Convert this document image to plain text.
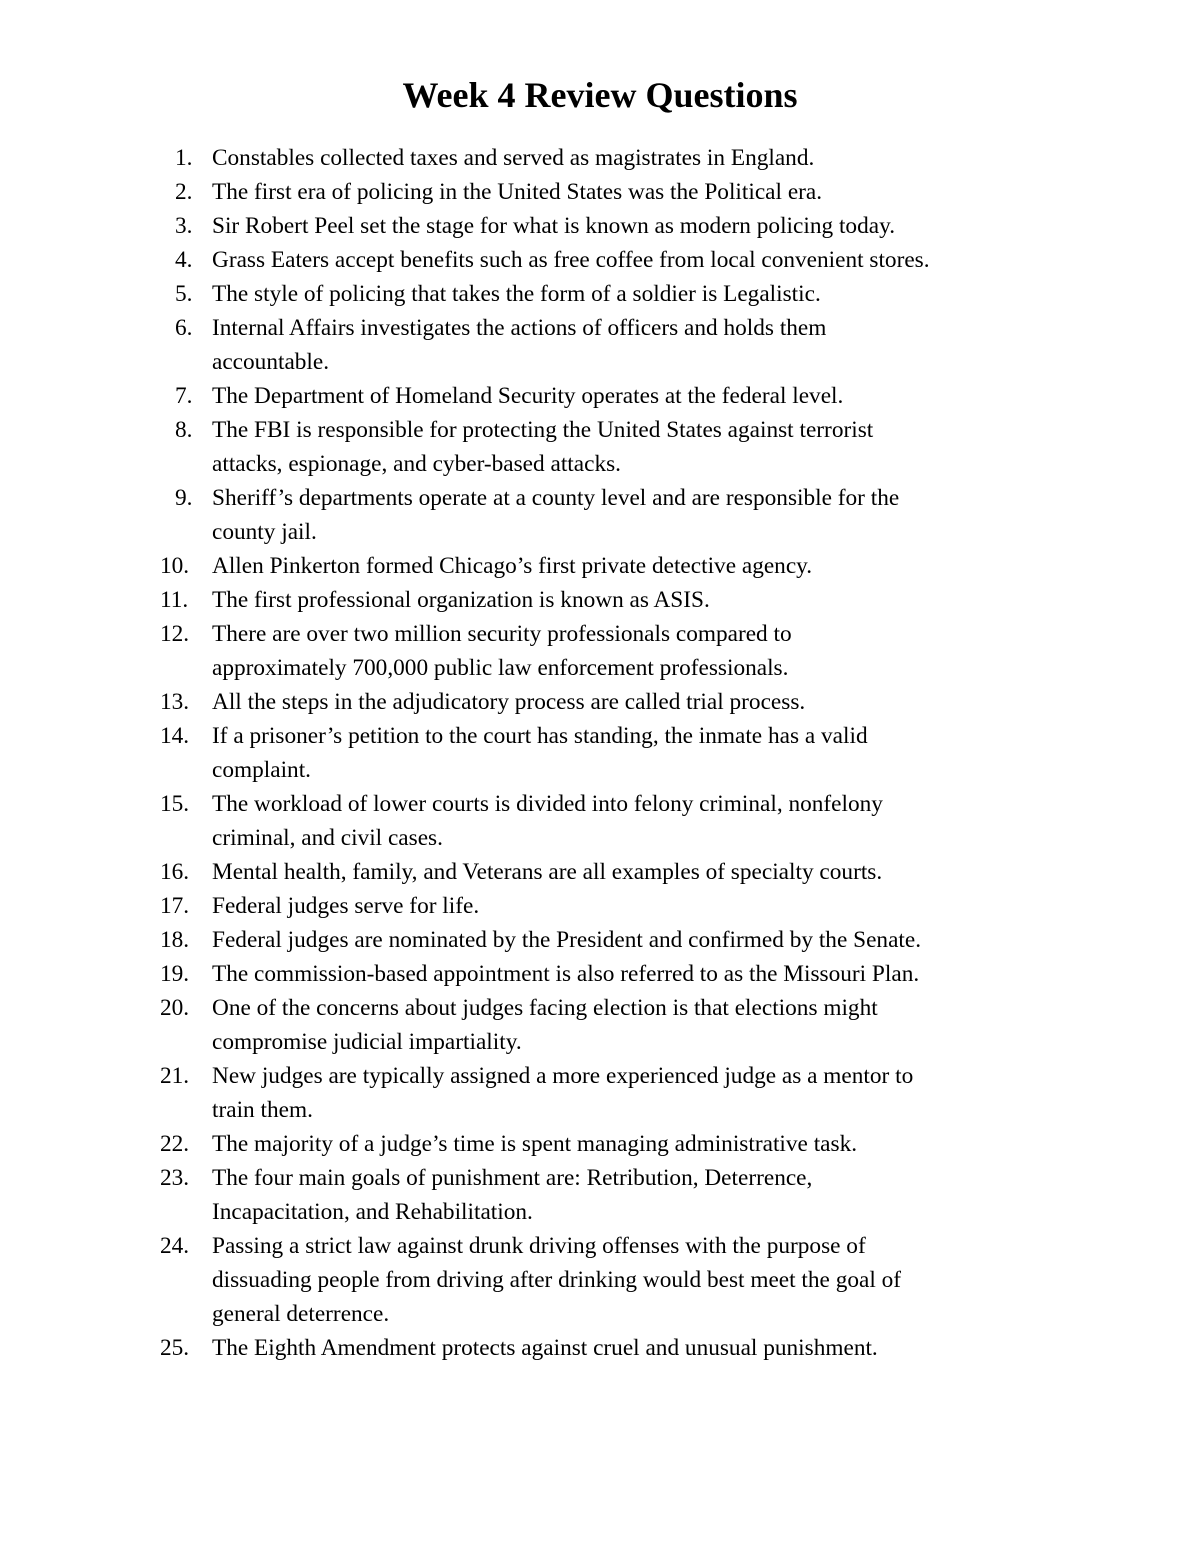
Week 4 Review Questions
1. Constables collected taxes and served as magistrates in England.
2. The first era of policing in the United States was the Political era.
3. Sir Robert Peel set the stage for what is known as modern policing today.
4. Grass Eaters accept benefits such as free coffee from local convenient stores.
5. The style of policing that takes the form of a soldier is Legalistic.
6. Internal Affairs investigates the actions of officers and holds them
accountable.
7. The Department of Homeland Security operates at the federal level.
8. The FBI is responsible for protecting the United States against terrorist
attacks, espionage, and cyber-based attacks.
9. Sheriff’s departments operate at a county level and are responsible for the
county jail.
10. Allen Pinkerton formed Chicago’s first private detective agency.
11.	The first professional organization is known as ASIS.
12. There are over two million security professionals compared to
approximately 700,000 public law enforcement professionals.
13. All the steps in the adjudicatory process are called trial process.
14. If a prisoner’s petition to the court has standing, the inmate has a valid
complaint.
15. The workload of lower courts is divided into felony criminal, nonfelony
criminal, and civil cases.
16. Mental health, family, and Veterans are all examples of specialty courts.
17. Federal judges serve for life.
18. Federal judges are nominated by the President and confirmed by the Senate.
19. The commission-based appointment is also referred to as the Missouri Plan.
20. One of the concerns about judges facing election is that elections might
compromise judicial impartiality.
21. New judges are typically assigned a more experienced judge as a mentor to
train them.
22. The majority of a judge’s time is spent managing administrative task.
23. The four main goals of punishment are: Retribution, Deterrence,
Incapacitation, and Rehabilitation.
24. Passing a strict law against drunk driving offenses with the purpose of
dissuading people from driving after drinking would best meet the goal of
general deterrence.
25. The Eighth Amendment protects against cruel and unusual punishment.
